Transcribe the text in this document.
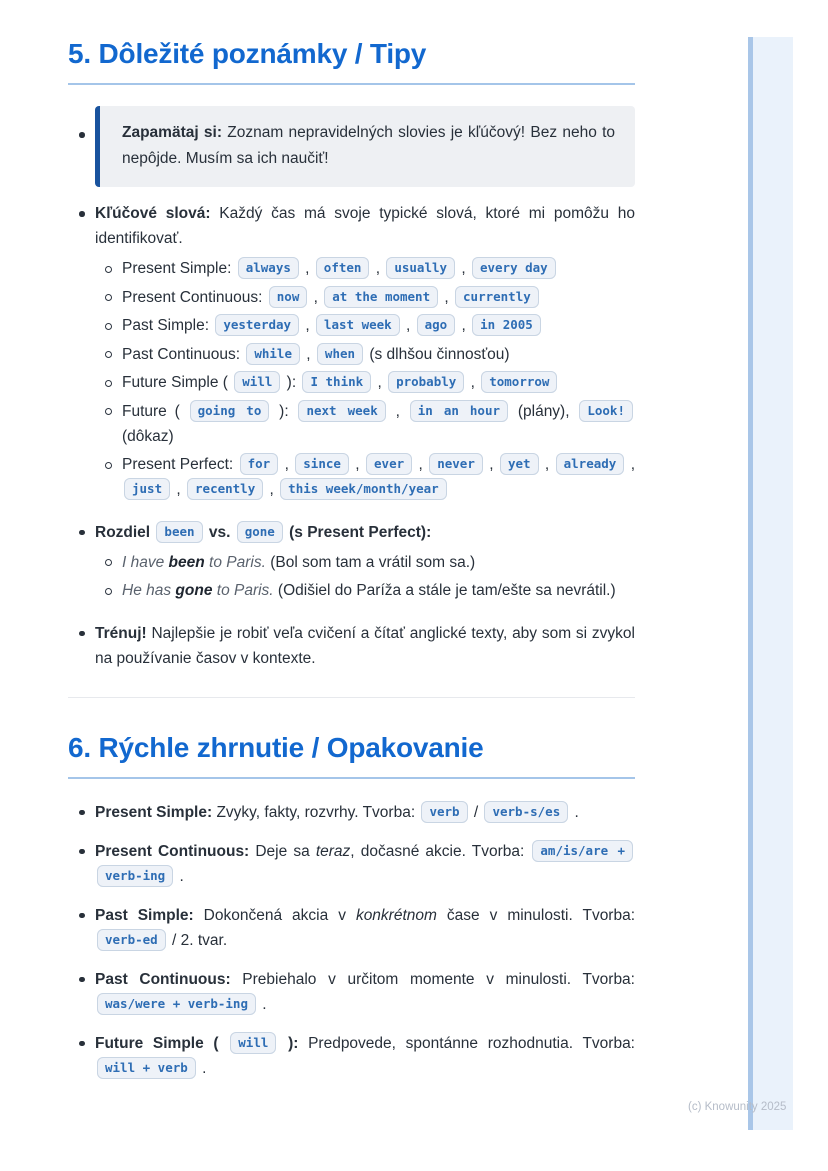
5. Dôležité poznámky / Tipy

Zapamätaj si: Zoznam nepravidelných slovies je kľúčový! Bez neho to nepôjde. Musím sa ich naučiť!

Kľúčové slová: Každý čas má svoje typické slová, ktoré mi pomôžu ho identifikovať.

Present Simple: always , often , usually , every day

Present Continuous: now , at the moment , currently

Past Simple: yesterday , last week , ago , in 2005

Past Continuous: while , when (s dlhšou činnosťou)

Future Simple ( will ): I think , probably , tomorrow

Future ( going to ): next week , in an hour (plány), Look! (dôkaz)

Present Perfect: for , since , ever , never , yet , already , just , recently , this week/month/year

Rozdiel been vs. gone (s Present Perfect):

I have been to Paris. (Bol som tam a vrátil som sa.)

He has gone to Paris. (Odišiel do Paríža a stále je tam/ešte sa nevrátil.)

Trénuj! Najlepšie je robiť veľa cvičení a čítať anglické texty, aby som si zvykol na používanie časov v kontexte.

6. Rýchle zhrnutie / Opakovanie

Present Simple: Zvyky, fakty, rozvrhy. Tvorba: verb / verb-s/es .

Present Continuous: Deje sa teraz, dočasné akcie. Tvorba: am/is/are + verb-ing .

Past Simple: Dokončená akcia v konkrétnom čase v minulosti. Tvorba: verb-ed / 2. tvar.

Past Continuous: Prebiehalo v určitom momente v minulosti. Tvorba: was/were + verb-ing .

Future Simple ( will ): Predpovede, spontánne rozhodnutia. Tvorba: will + verb .

(c) Knowunity 2025
